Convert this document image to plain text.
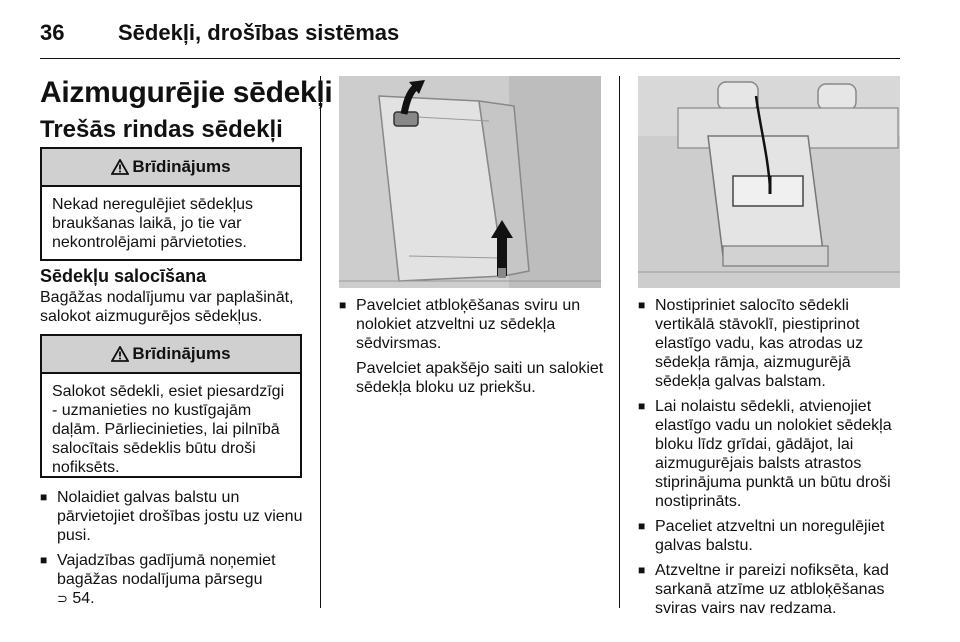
36 Sēdekļi, drošības sistēmas
Aizmugurējie sēdekļi
Trešās rindas sēdekļi
Brīdinājums
Nekad neregulējiet sēdekļus braukšanas laikā, jo tie var nekontrolējami pārvietoties.
Sēdekļu salocīšana
Bagāžas nodalījumu var paplašināt, salokot aizmugurējos sēdekļus.
Brīdinājums
Salokot sēdekli, esiet piesardzīgi - uzmanieties no kustīgajām daļām. Pārliecinieties, lai pilnībā salocītais sēdeklis būtu droši nofiksēts.
■ Nolaidiet galvas balstu un pārvietojiet drošības jostu uz vienu pusi.
■ Vajadzības gadījumā noņemiet bagāžas nodalījuma pārsegu
⊃ 54.
■ Pavelciet atbloķēšanas sviru un nolokiet atzveltni uz sēdekļa sēdvirsmas.
Pavelciet apakšējo saiti un salokiet sēdekļa bloku uz priekšu.
■ Nostipriniet salocīto sēdekli vertikālā stāvoklī, piestiprinot elastīgo vadu, kas atrodas uz sēdekļa rāmja, aizmugurējā sēdekļa galvas balstam.
■ Lai nolaistu sēdekli, atvienojiet elastīgo vadu un nolokiet sēdekļa bloku līdz grīdai, gādājot, lai aizmugurējais balsts atrastos stiprinājuma punktā un būtu droši nostiprināts.
■ Paceliet atzveltni un noregulējiet galvas balstu.
■ Atzveltne ir pareizi nofiksēta, kad sarkanā atzīme uz atbloķēšanas sviras vairs nav redzama.
